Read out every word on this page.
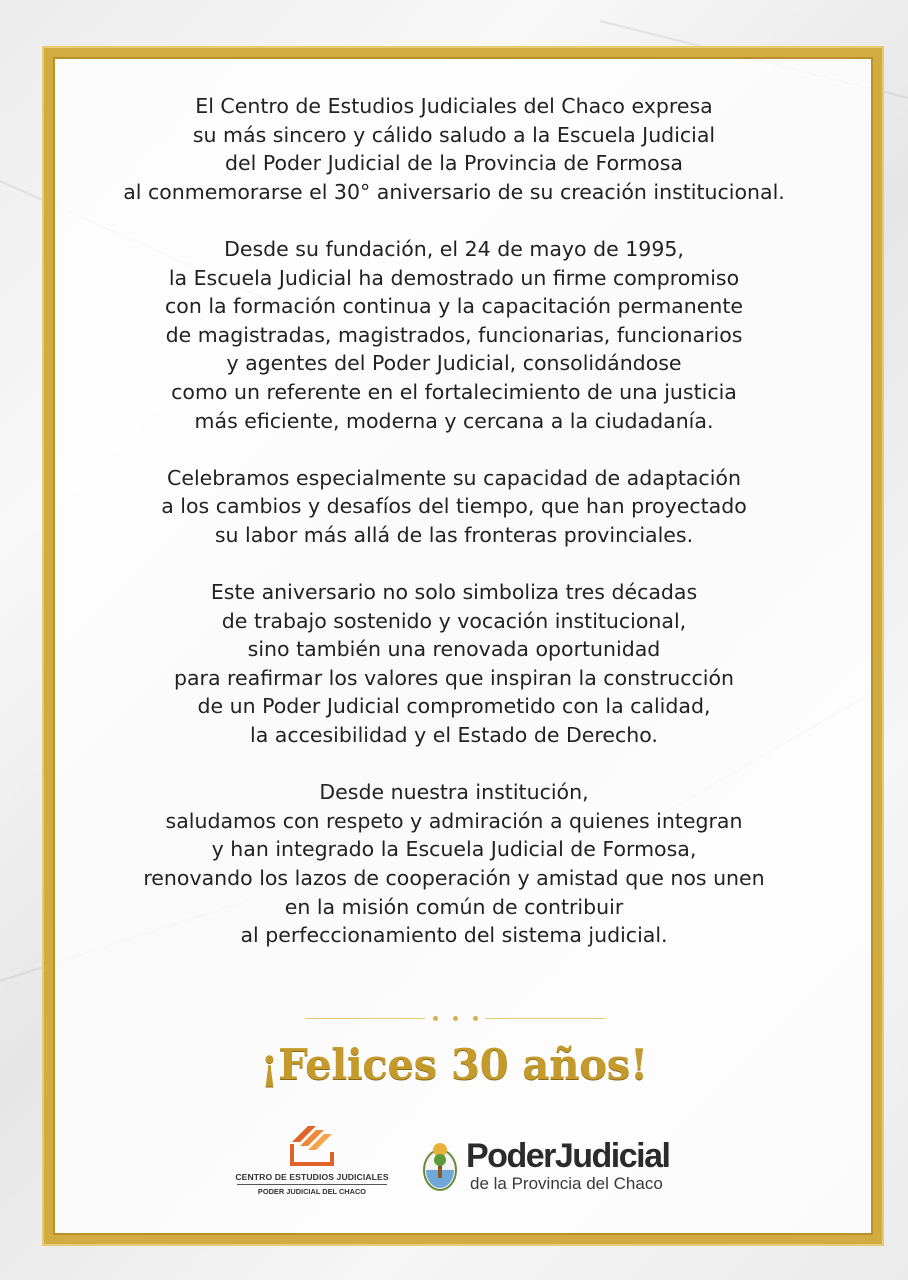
El Centro de Estudios Judiciales del Chaco expresa
su más sincero y cálido saludo a la Escuela Judicial
del Poder Judicial de la Provincia de Formosa
al conmemorarse el 30° aniversario de su creación institucional.

Desde su fundación, el 24 de mayo de 1995,
la Escuela Judicial ha demostrado un firme compromiso
con la formación continua y la capacitación permanente
de magistradas, magistrados, funcionarias, funcionarios
y agentes del Poder Judicial, consolidándose
como un referente en el fortalecimiento de una justicia
más eficiente, moderna y cercana a la ciudadanía.

Celebramos especialmente su capacidad de adaptación
a los cambios y desafíos del tiempo, que han proyectado
su labor más allá de las fronteras provinciales.

Este aniversario no solo simboliza tres décadas
de trabajo sostenido y vocación institucional,
sino también una renovada oportunidad
para reafirmar los valores que inspiran la construcción
de un Poder Judicial comprometido con la calidad,
la accesibilidad y el Estado de Derecho.

Desde nuestra institución,
saludamos con respeto y admiración a quienes integran
y han integrado la Escuela Judicial de Formosa,
renovando los lazos de cooperación y amistad que nos unen
en la misión común de contribuir
al perfeccionamiento del sistema judicial.

¡Felices 30 años!
CENTRO DE ESTUDIOS JUDICIALES
PODER JUDICIAL DEL CHACO
PoderJudicial
de la Provincia del Chaco
